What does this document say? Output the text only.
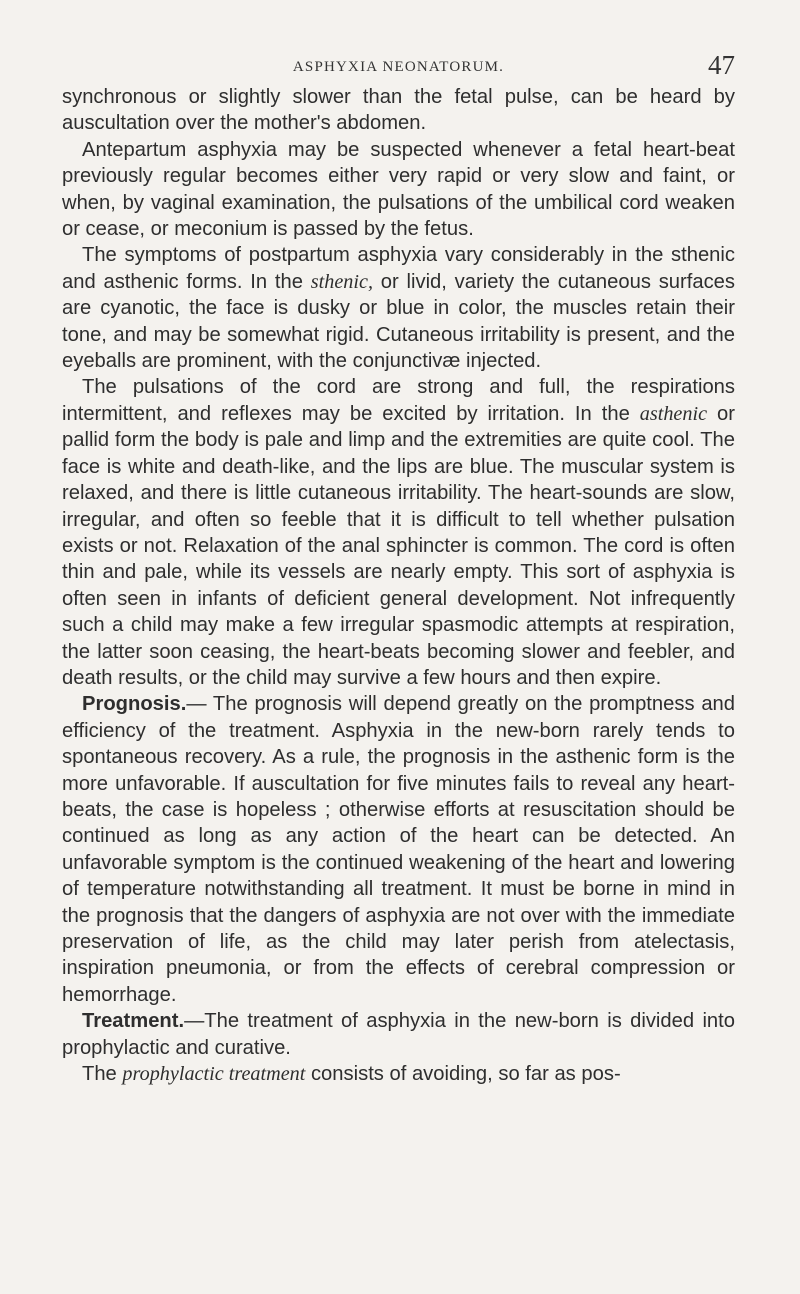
ASPHYXIA NEONATORUM.	47

synchronous or slightly slower than the fetal pulse, can be heard by auscultation over the mother's abdomen.

Antepartum asphyxia may be suspected whenever a fetal heart-beat previously regular becomes either very rapid or very slow and faint, or when, by vaginal examination, the pulsations of the umbilical cord weaken or cease, or meconium is passed by the fetus.

The symptoms of postpartum asphyxia vary considerably in the sthenic and asthenic forms. In the sthenic, or livid, variety the cutaneous surfaces are cyanotic, the face is dusky or blue in color, the muscles retain their tone, and may be somewhat rigid. Cutaneous irritability is present, and the eyeballs are prominent, with the conjunctivæ injected.

The pulsations of the cord are strong and full, the respirations intermittent, and reflexes may be excited by irritation. In the asthenic or pallid form the body is pale and limp and the extremities are quite cool. The face is white and death-like, and the lips are blue. The muscular system is relaxed, and there is little cutaneous irritability. The heart-sounds are slow, irregular, and often so feeble that it is difficult to tell whether pulsation exists or not. Relaxation of the anal sphincter is common. The cord is often thin and pale, while its vessels are nearly empty. This sort of asphyxia is often seen in infants of deficient general development. Not infrequently such a child may make a few irregular spasmodic attempts at respiration, the latter soon ceasing, the heart-beats becoming slower and feebler, and death results, or the child may survive a few hours and then expire.

Prognosis.— The prognosis will depend greatly on the promptness and efficiency of the treatment. Asphyxia in the new-born rarely tends to spontaneous recovery. As a rule, the prognosis in the asthenic form is the more unfavorable. If auscultation for five minutes fails to reveal any heart-beats, the case is hopeless ; otherwise efforts at resuscitation should be continued as long as any action of the heart can be detected. An unfavorable symptom is the continued weakening of the heart and lowering of temperature notwithstanding all treatment. It must be borne in mind in the prognosis that the dangers of asphyxia are not over with the immediate preservation of life, as the child may later perish from atelectasis, inspiration pneumonia, or from the effects of cerebral compression or hemorrhage.

Treatment.—The treatment of asphyxia in the new-born is divided into prophylactic and curative.

The prophylactic treatment consists of avoiding, so far as pos-
